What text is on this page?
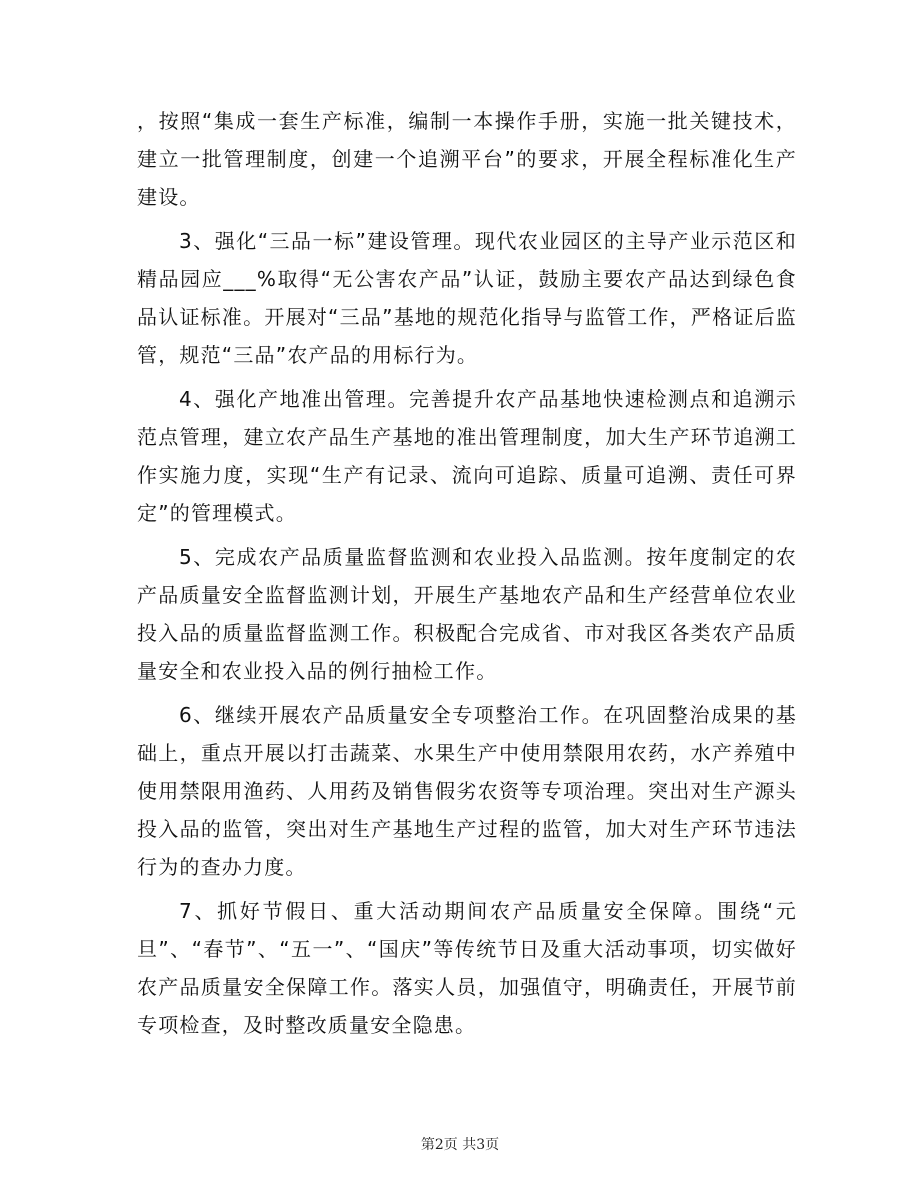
，按照“集成一套生产标准，编制一本操作手册，实施一批关键技术，建立一批管理制度，创建一个追溯平台”的要求，开展全程标准化生产建设。

3、强化“三品一标”建设管理。现代农业园区的主导产业示范区和精品园应___%取得“无公害农产品”认证，鼓励主要农产品达到绿色食品认证标准。开展对“三品”基地的规范化指导与监管工作，严格证后监管，规范“三品”农产品的用标行为。

4、强化产地准出管理。完善提升农产品基地快速检测点和追溯示范点管理，建立农产品生产基地的准出管理制度，加大生产环节追溯工作实施力度，实现“生产有记录、流向可追踪、质量可追溯、责任可界定”的管理模式。

5、完成农产品质量监督监测和农业投入品监测。按年度制定的农产品质量安全监督监测计划，开展生产基地农产品和生产经营单位农业投入品的质量监督监测工作。积极配合完成省、市对我区各类农产品质量安全和农业投入品的例行抽检工作。

6、继续开展农产品质量安全专项整治工作。在巩固整治成果的基础上，重点开展以打击蔬菜、水果生产中使用禁限用农药，水产养殖中使用禁限用渔药、人用药及销售假劣农资等专项治理。突出对生产源头投入品的监管，突出对生产基地生产过程的监管，加大对生产环节违法行为的查办力度。

7、抓好节假日、重大活动期间农产品质量安全保障。围绕“元旦”、“春节”、“五一”、“国庆”等传统节日及重大活动事项，切实做好农产品质量安全保障工作。落实人员，加强值守，明确责任，开展节前专项检查，及时整改质量安全隐患。

第2页 共3页
